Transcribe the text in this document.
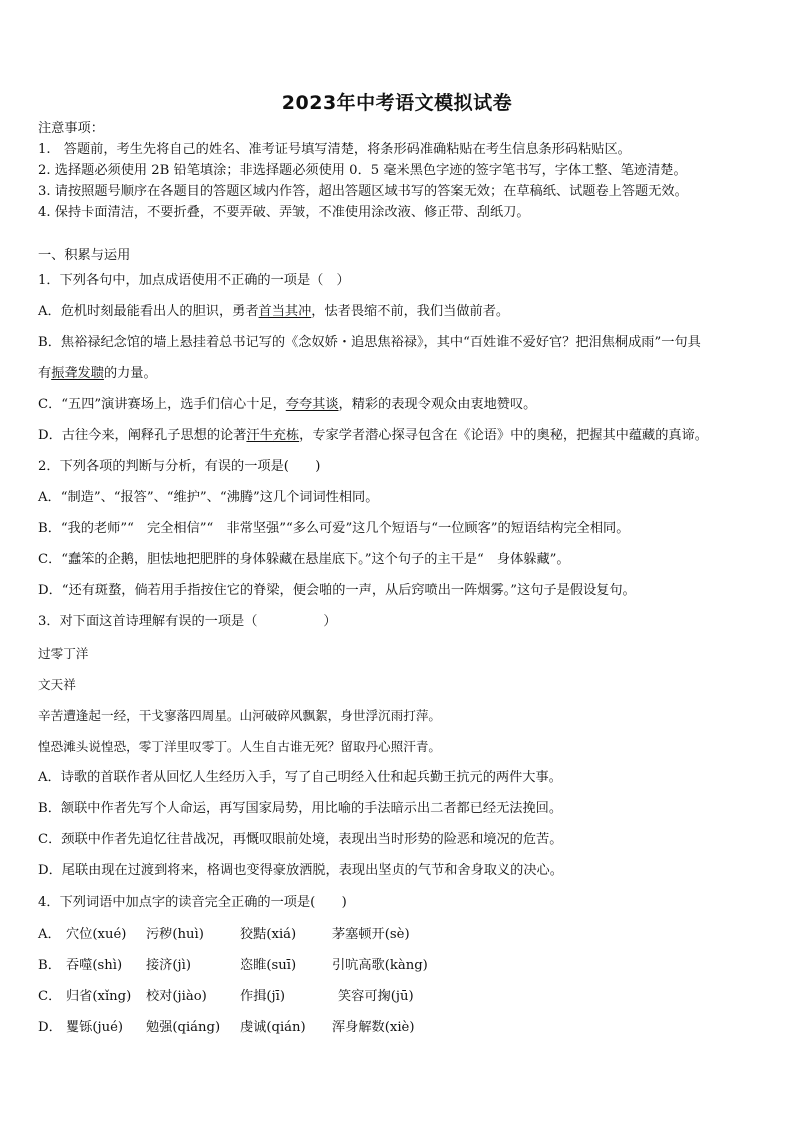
2023年中考语文模拟试卷
注意事项：
1.　答题前，考生先将自己的姓名、准考证号填写清楚，将条形码准确粘贴在考生信息条形码粘贴区。
2. 选择题必须使用 2B 铅笔填涂；非选择题必须使用 0．5 毫米黑色字迹的签字笔书写，字体工整、笔迹清楚。
3. 请按照题号顺序在各题目的答题区域内作答，超出答题区域书写的答案无效；在草稿纸、试题卷上答题无效。
4. 保持卡面清洁，不要折叠，不要弄破、弄皱，不准使用涂改液、修正带、刮纸刀。
一、积累与运用
1．下列各句中，加点成语使用不正确的一项是（　）
A．危机时刻最能看出人的胆识，勇者首当其冲，怯者畏缩不前，我们当做前者。
B．焦裕禄纪念馆的墙上悬挂着总书记写的《念奴娇・追思焦裕禄》，其中“百姓谁不爱好官？把泪焦桐成雨”一句具
有振聋发聩的力量。
C．“五四”演讲赛场上，选手们信心十足，夸夸其谈，精彩的表现令观众由衷地赞叹。
D．古往今来，阐释孔子思想的论著汗牛充栋，专家学者潜心探寻包含在《论语》中的奥秘，把握其中蕴藏的真谛。
2．下列各项的判断与分析，有误的一项是(　　)
A．“制造”、“报答”、“维护”、“沸腾”这几个词词性相同。
B．“我的老师”“　完全相信”“　非常坚强”“多么可爱”这几个短语与“一位顾客”的短语结构完全相同。
C．“蠢笨的企鹅，胆怯地把肥胖的身体躲藏在悬崖底下。”这个句子的主干是“　身体躲藏”。
D．“还有斑蝥，倘若用手指按住它的脊梁，便会啪的一声，从后窍喷出一阵烟雾。”这句子是假设复句。
3．对下面这首诗理解有误的一项是（　　　　　）
过零丁洋
文天祥
辛苦遭逢起一经，干戈寥落四周星。山河破碎风飘絮，身世浮沉雨打萍。
惶恐滩头说惶恐，零丁洋里叹零丁。人生自古谁无死？留取丹心照汗青。
A．诗歌的首联作者从回忆人生经历入手，写了自己明经入仕和起兵勤王抗元的两件大事。
B．颔联中作者先写个人命运，再写国家局势，用比喻的手法暗示出二者都已经无法挽回。
C．颈联中作者先追忆往昔战况，再慨叹眼前处境，表现出当时形势的险恶和境况的危苦。
D．尾联由现在过渡到将来，格调也变得豪放洒脱，表现出坚贞的气节和舍身取义的决心。
4．下列词语中加点字的读音完全正确的一项是(　　)
A． 穴位(xué) 污秽(huì)	狡黠(xiá)	茅塞顿开(sè)
B． 吞噬(shì) 接济(jì)	恣睢(suī)	引吭高歌(kàng)
C． 归省(xǐng) 校对(jiào)	作揖(jī)	笑容可掬(jū)
D． 矍铄(jué) 勉强(qiáng) 虔诚(qián) 浑身解数(xiè)
